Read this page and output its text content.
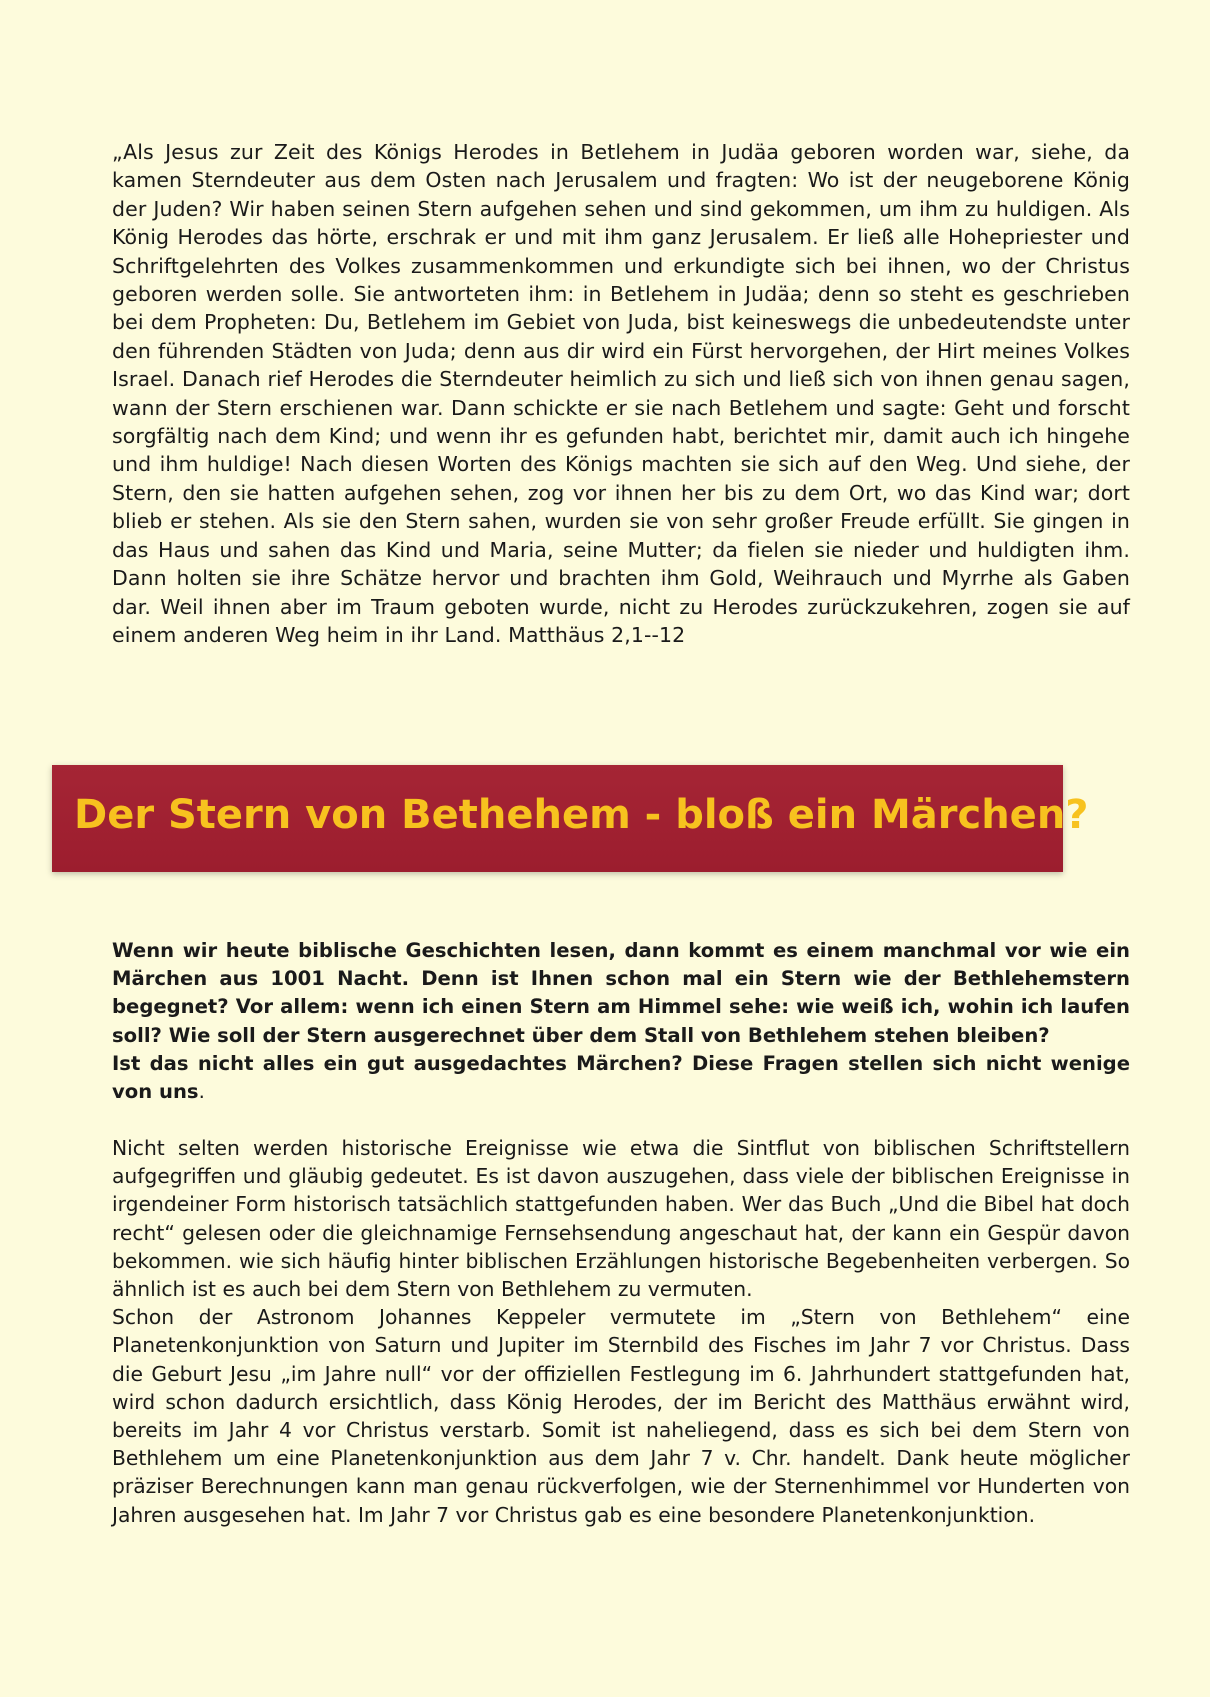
„Als Jesus zur Zeit des Königs Herodes in Betlehem in Judäa geboren worden war, siehe, da kamen Sterndeuter aus dem Osten nach Jerusalem und fragten: Wo ist der neugeborene König der Juden? Wir haben seinen Stern aufgehen sehen und sind gekommen, um ihm zu huldigen. Als König Herodes das hörte, erschrak er und mit ihm ganz Jerusalem. Er ließ alle Hohepriester und Schriftgelehrten des Volkes zusammenkommen und erkundigte sich bei ihnen, wo der Christus geboren werden solle. Sie antworteten ihm: in Betlehem in Judäa; denn so steht es geschrieben bei dem Propheten: Du, Betlehem im Gebiet von Juda, bist keineswegs die unbedeutendste unter den führenden Städten von Juda; denn aus dir wird ein Fürst hervorgehen, der Hirt meines Volkes Israel. Danach rief Herodes die Sterndeuter heimlich zu sich und ließ sich von ihnen genau sagen, wann der Stern erschienen war. Dann schickte er sie nach Betlehem und sagte: Geht und forscht sorgfältig nach dem Kind; und wenn ihr es gefunden habt, berichtet mir, damit auch ich hingehe und ihm huldige! Nach diesen Worten des Königs machten sie sich auf den Weg. Und siehe, der Stern, den sie hatten aufgehen sehen, zog vor ihnen her bis zu dem Ort, wo das Kind war; dort blieb er stehen. Als sie den Stern sahen, wurden sie von sehr großer Freude erfüllt. Sie gingen in das Haus und sahen das Kind und Maria, seine Mutter; da fielen sie nieder und huldigten ihm. Dann holten sie ihre Schätze hervor und brachten ihm Gold, Weihrauch und Myrrhe als Gaben dar. Weil ihnen aber im Traum geboten wurde, nicht zu Herodes zurückzukehren, zogen sie auf einem anderen Weg heim in ihr Land. Matthäus 2,1--12
Der Stern von Bethehem - bloß ein Märchen?

Wenn wir heute biblische Geschichten lesen, dann kommt es einem manchmal vor wie ein Märchen aus 1001 Nacht. Denn ist Ihnen schon mal ein Stern wie der Bethlehemstern begegnet? Vor allem: wenn ich einen Stern am Himmel sehe: wie weiß ich, wohin ich laufen soll? Wie soll der Stern ausgerechnet über dem Stall von Bethlehem stehen bleiben?

Ist das nicht alles ein gut ausgedachtes Märchen? Diese Fragen stellen sich nicht wenige von uns.

Nicht selten werden historische Ereignisse wie etwa die Sintflut von biblischen Schriftstellern aufgegriffen und gläubig gedeutet. Es ist davon auszugehen, dass viele der biblischen Ereignisse in irgendeiner Form historisch tatsächlich stattgefunden haben. Wer das Buch „Und die Bibel hat doch recht“ gelesen oder die gleichnamige Fernsehsendung angeschaut hat, der kann ein Gespür davon bekommen. wie sich häufig hinter biblischen Erzählungen historische Begebenheiten verbergen. So ähnlich ist es auch bei dem Stern von Bethlehem zu vermuten.

Schon der Astronom Johannes Keppeler vermutete im „Stern von Bethlehem“ eine Planetenkonjunktion von Saturn und Jupiter im Sternbild des Fisches im Jahr 7 vor Christus. Dass die Geburt Jesu „im Jahre null“ vor der offiziellen Festlegung im 6. Jahrhundert stattgefunden hat, wird schon dadurch ersichtlich, dass König Herodes, der im Bericht des Matthäus erwähnt wird, bereits im Jahr 4 vor Christus verstarb. Somit ist naheliegend, dass es sich bei dem Stern von Bethlehem um eine Planetenkonjunktion aus dem Jahr 7 v. Chr. handelt. Dank heute möglicher präziser Berechnungen kann man genau rückverfolgen, wie der Sternenhimmel vor Hunderten von Jahren ausgesehen hat. Im Jahr 7 vor Christus gab es eine besondere Planetenkonjunktion.
